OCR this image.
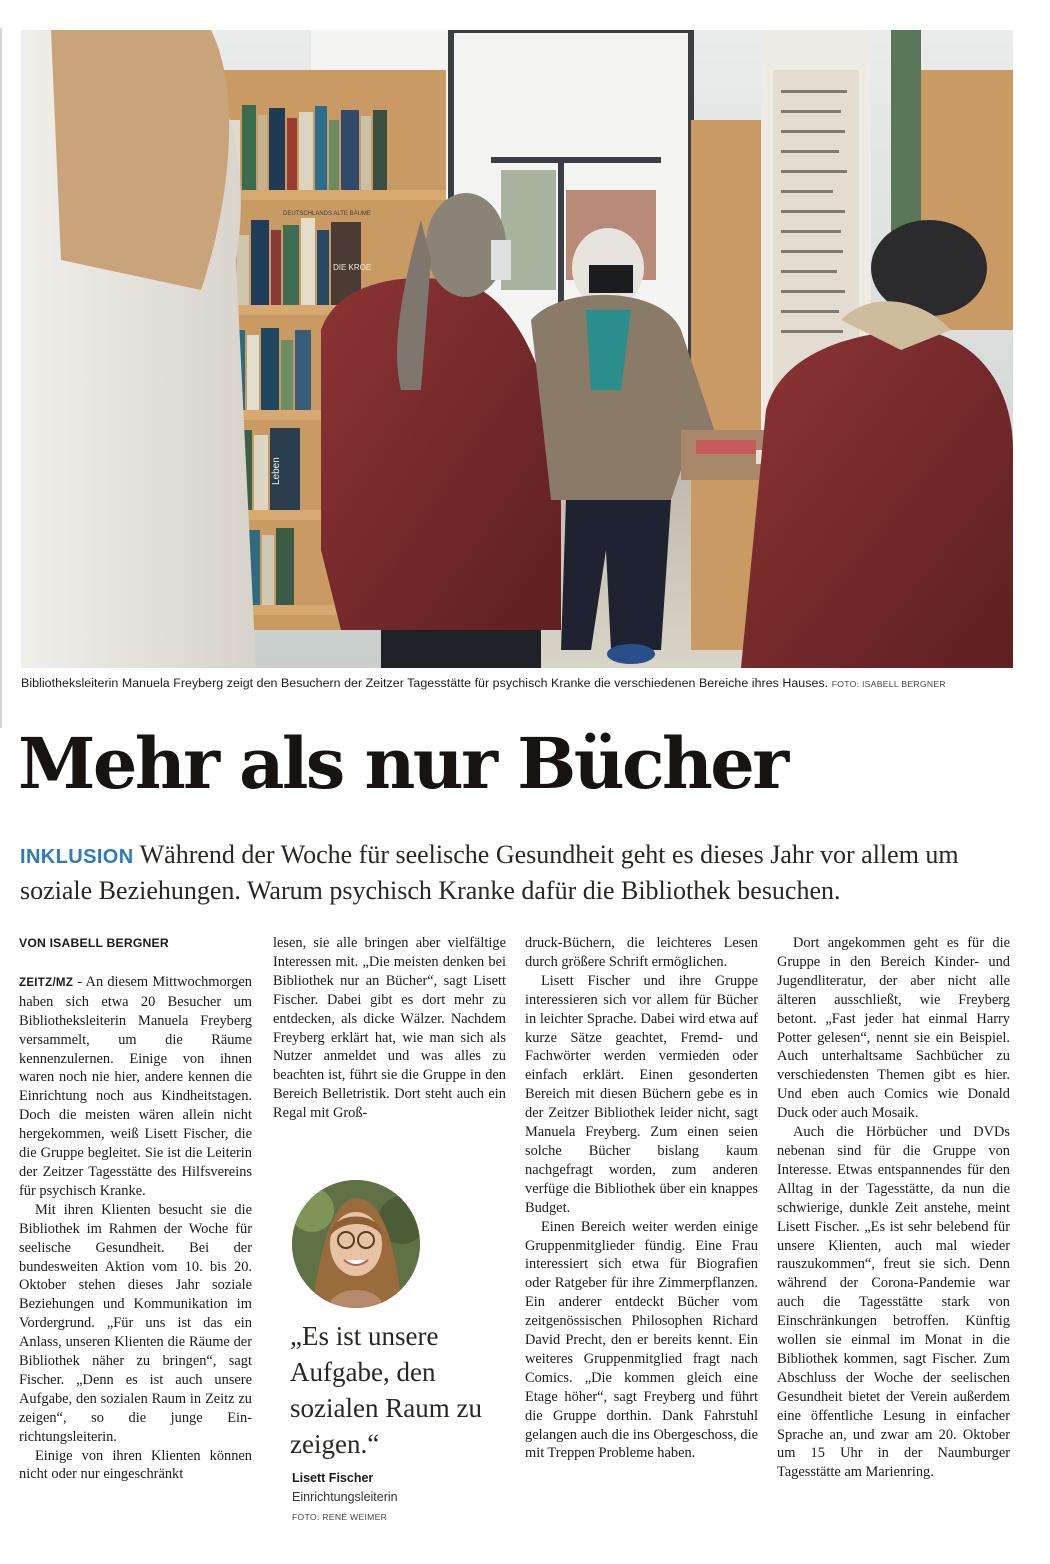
Leben
DIE KROE
DEUTSCHLANDS ALTE BÄUME
Bibliotheksleiterin Manuela Freyberg zeigt den Besuchern der Zeitzer Tagesstätte für psychisch Kranke die verschiedenen Bereiche ihres Hauses. FOTO: ISABELL BERGNER
Mehr als nur Bücher
INKLUSION Während der Woche für seelische Gesundheit geht es dieses Jahr vor allem um soziale Beziehungen. Warum psychisch Kranke dafür die Bibliothek besuchen.
VON ISABELL BERGNER

ZEITZ/MZ - An diesem Mittwochmorgen haben sich etwa 20 Besucher um Bibliotheksleiterin Manuela Freyberg versammelt, um die Räume kennenzulernen. Einige von ihnen waren noch nie hier, andere kennen die Einrichtung noch aus Kindheitstagen. Doch die meisten wären allein nicht hergekommen, weiß Lisett Fischer, die die Gruppe begleitet. Sie ist die Leiterin der Zeitzer Tagesstätte des Hilfsvereins für psychisch Kranke.

Mit ihren Klienten besucht sie die Bibliothek im Rahmen der Woche für seelische Gesundheit. Bei der bundesweiten Aktion vom 10. bis 20. Oktober stehen dieses Jahr soziale Beziehungen und Kommunikation im Vordergrund. „Für uns ist das ein Anlass, unseren Klienten die Räume der Bibliothek näher zu bringen“, sagt Fischer. „Denn es ist auch unsere Aufgabe, den sozialen Raum in Zeitz zu zeigen“, so die junge Einrichtungsleiterin.

Einige von ihren Klienten können nicht oder nur eingeschränkt

lesen, sie alle bringen aber vielfältige Interessen mit. „Die meisten denken bei Bibliothek nur an Bücher“, sagt Lisett Fischer. Dabei gibt es dort mehr zu entdecken, als dicke Wälzer. Nachdem Freyberg erklärt hat, wie man sich als Nutzer anmeldet und was alles zu beachten ist, führt sie die Gruppe in den Bereich Belletristik. Dort steht auch ein Regal mit Groß-

„Es ist unsere Aufgabe, den sozialen Raum zu zeigen.“

Lisett Fischer
Einrichtungsleiterin
FOTO: RENÉ WEIMER

druck-Büchern, die leichteres Lesen durch größere Schrift ermöglichen.

Lisett Fischer und ihre Gruppe interessieren sich vor allem für Bücher in leichter Sprache. Dabei wird etwa auf kurze Sätze geachtet, Fremd- und Fachwörter werden vermieden oder einfach erklärt. Einen gesonderten Bereich mit diesen Büchern gebe es in der Zeitzer Bibliothek leider nicht, sagt Manuela Freyberg. Zum einen seien solche Bücher bislang kaum nachgefragt worden, zum anderen verfüge die Bibliothek über ein knappes Budget.

Einen Bereich weiter werden einige Gruppenmitglieder fündig. Eine Frau interessiert sich etwa für Biografien oder Ratgeber für ihre Zimmerpflanzen. Ein anderer entdeckt Bücher vom zeitgenössischen Philosophen Richard David Precht, den er bereits kennt. Ein weiteres Gruppenmitglied fragt nach Comics. „Die kommen gleich eine Etage höher“, sagt Freyberg und führt die Gruppe dorthin. Dank Fahrstuhl gelangen auch die ins Obergeschoss, die mit Treppen Probleme haben.

Dort angekommen geht es für die Gruppe in den Bereich Kinder- und Jugendliteratur, der aber nicht alle älteren ausschließt, wie Freyberg betont. „Fast jeder hat einmal Harry Potter gelesen“, nennt sie ein Beispiel. Auch unterhaltsame Sachbücher zu verschiedensten Themen gibt es hier. Und eben auch Comics wie Donald Duck oder auch Mosaik.

Auch die Hörbücher und DVDs nebenan sind für die Gruppe von Interesse. Etwas entspannendes für den Alltag in der Tagesstätte, da nun die schwierige, dunkle Zeit anstehe, meint Lisett Fischer. „Es ist sehr belebend für unsere Klienten, auch mal wieder rauszukommen“, freut sie sich. Denn während der Corona-Pandemie war auch die Tagesstätte stark von Einschränkungen betroffen. Künftig wollen sie einmal im Monat in die Bibliothek kommen, sagt Fischer. Zum Abschluss der Woche der seelischen Gesundheit bietet der Verein außerdem eine öffentliche Lesung in einfacher Sprache an, und zwar am 20. Oktober um 15 Uhr in der Naumburger Tagesstätte am Marienring.
